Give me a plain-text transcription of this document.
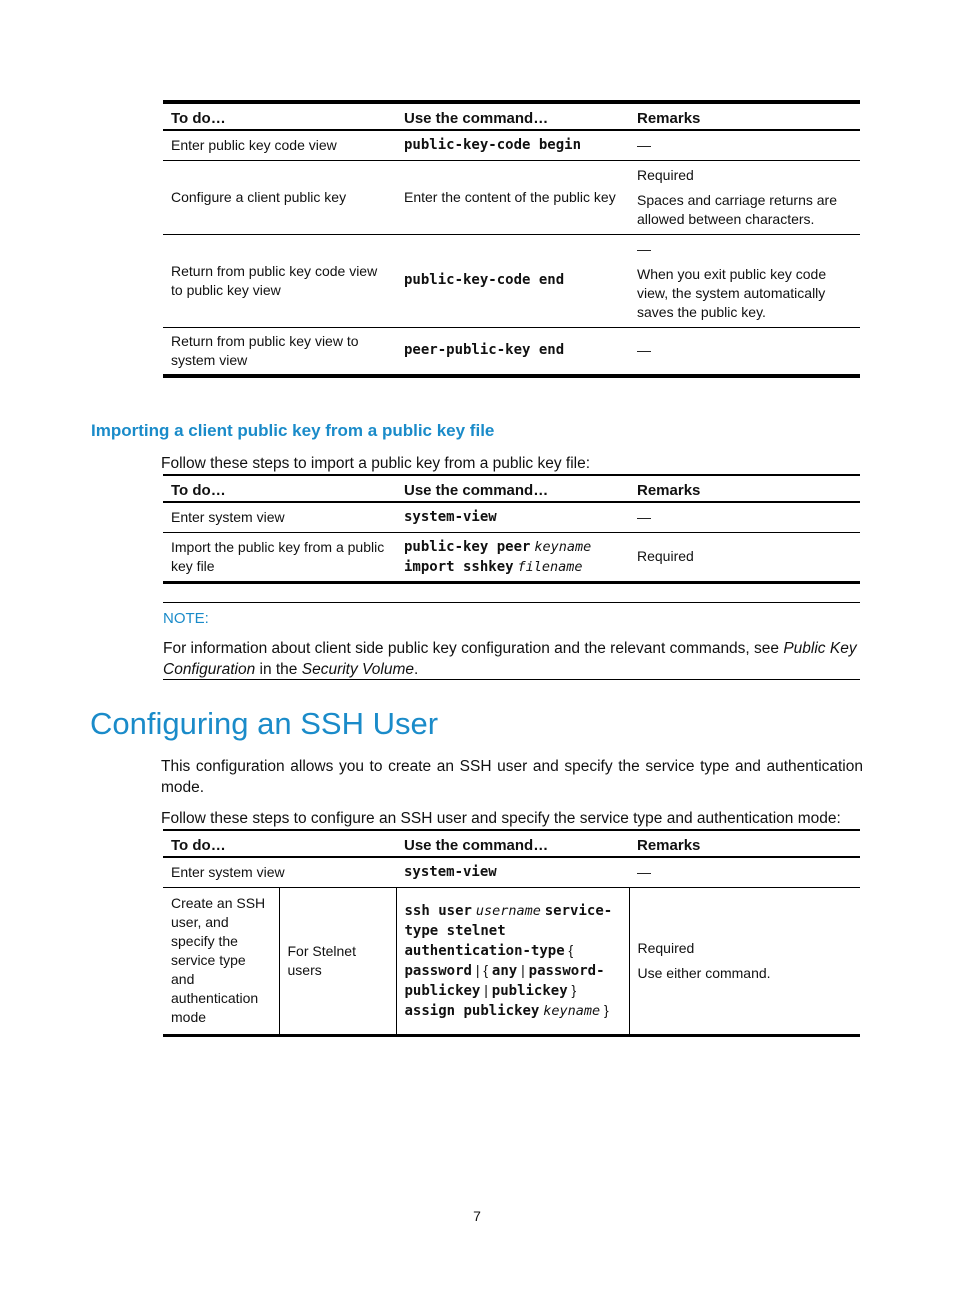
To do…	Use the command…	Remarks
Enter public key code view	public-key-code begin	—
Configure a client public key	Enter the content of the public key	Required

Spaces and carriage returns are allowed between characters.

Return from public key code view to public key view	public-key-code end	—

When you exit public key code view, the system automatically saves the public key.

Return from public key view to system view	peer-public-key end	—
Importing a client public key from a public key file

Follow these steps to import a public key from a public key file:

To do…	Use the command…	Remarks
Enter system view	system-view	—
Import the public key from a public key file	public-key peer keyname
import sshkey filename	Required
NOTE:
For information about client side public key configuration and the relevant commands, see Public Key Configuration in the Security Volume.
Configuring an SSH User

This configuration allows you to create an SSH user and specify the service type and authentication mode.

Follow these steps to configure an SSH user and specify the service type and authentication mode:

To do…		Use the command…	Remarks
Enter system view		system-view	—
Create an SSH user, and specify the service type and authentication mode	For Stelnet users	ssh user username service-type stelnet authentication-type { password | { any | password-publickey | publickey } assign publickey keyname }	Required

Use either command.

7
